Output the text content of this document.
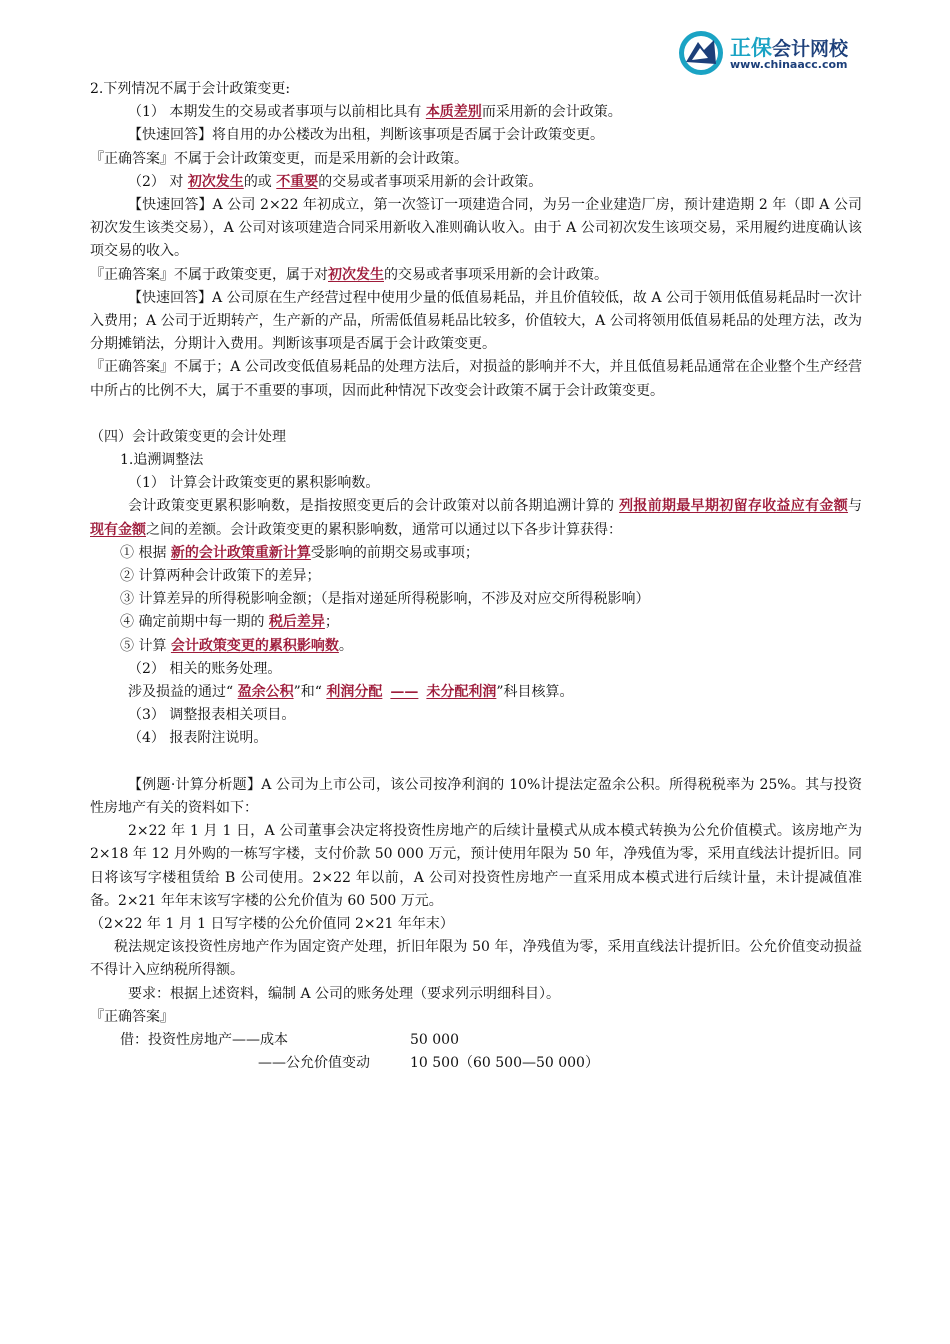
正保会计网校
www.chinaacc.com

2.下列情况不属于会计政策变更:

（1） 本期发生的交易或者事项与以前相比具有 本质差别而采用新的会计政策。

【快速回答】将自用的办公楼改为出租，判断该事项是否属于会计政策变更。

『正确答案』不属于会计政策变更，而是采用新的会计政策。

（2） 对 初次发生的或 不重要的交易或者事项采用新的会计政策。

【快速回答】A 公司 2×22 年初成立，第一次签订一项建造合同，为另一企业建造厂房，预计建造期 2 年（即 A 公司初次发生该类交易），A 公司对该项建造合同采用新收入准则确认收入。由于 A 公司初次发生该项交易，采用履约进度确认该项交易的收入。

『正确答案』不属于政策变更，属于对初次发生的交易或者事项采用新的会计政策。

【快速回答】A 公司原在生产经营过程中使用少量的低值易耗品，并且价值较低，故 A 公司于领用低值易耗品时一次计入费用；A 公司于近期转产，生产新的产品，所需低值易耗品比较多，价值较大，A 公司将领用低值易耗品的处理方法，改为分期摊销法，分期计入费用。判断该事项是否属于会计政策变更。

『正确答案』不属于；A 公司改变低值易耗品的处理方法后，对损益的影响并不大，并且低值易耗品通常在企业整个生产经营中所占的比例不大，属于不重要的事项，因而此种情况下改变会计政策不属于会计政策变更。

（四）会计政策变更的会计处理

1.追溯调整法

（1） 计算会计政策变更的累积影响数。

会计政策变更累积影响数，是指按照变更后的会计政策对以前各期追溯计算的 列报前期最早期初留存收益应有金额与 现有金额之间的差额。会计政策变更的累积影响数，通常可以通过以下各步计算获得：

① 根据 新的会计政策重新计算受影响的前期交易或事项；

② 计算两种会计政策下的差异；

③ 计算差异的所得税影响金额；（是指对递延所得税影响，不涉及对应交所得税影响）

④ 确定前期中每一期的 税后差异；

⑤ 计算 会计政策变更的累积影响数。

（2） 相关的账务处理。

涉及损益的通过“ 盈余公积”和“ 利润分配 —— 未分配利润”科目核算。

（3） 调整报表相关项目。

（4） 报表附注说明。

【例题·计算分析题】A 公司为上市公司，该公司按净利润的 10%计提法定盈余公积。所得税税率为 25%。其与投资性房地产有关的资料如下：

2×22 年 1 月 1 日，A 公司董事会决定将投资性房地产的后续计量模式从成本模式转换为公允价值模式。该房地产为 2×18 年 12 月外购的一栋写字楼，支付价款 50 000 万元，预计使用年限为 50 年，净残值为零，采用直线法计提折旧。同日将该写字楼租赁给 B 公司使用。2×22 年以前，A 公司对投资性房地产一直采用成本模式进行后续计量，未计提减值准备。2×21 年年末该写字楼的公允价值为 60 500 万元。

（2×22 年 1 月 1 日写字楼的公允价值同 2×21 年年末）

税法规定该投资性房地产作为固定资产处理，折旧年限为 50 年，净残值为零，采用直线法计提折旧。公允价值变动损益不得计入应纳税所得额。

要求：根据上述资料，编制 A 公司的账务处理（要求列示明细科目）。

『正确答案』

借：投资性房地产——成本	50 000

——公允价值变动	10 500（60 500—50 000）
